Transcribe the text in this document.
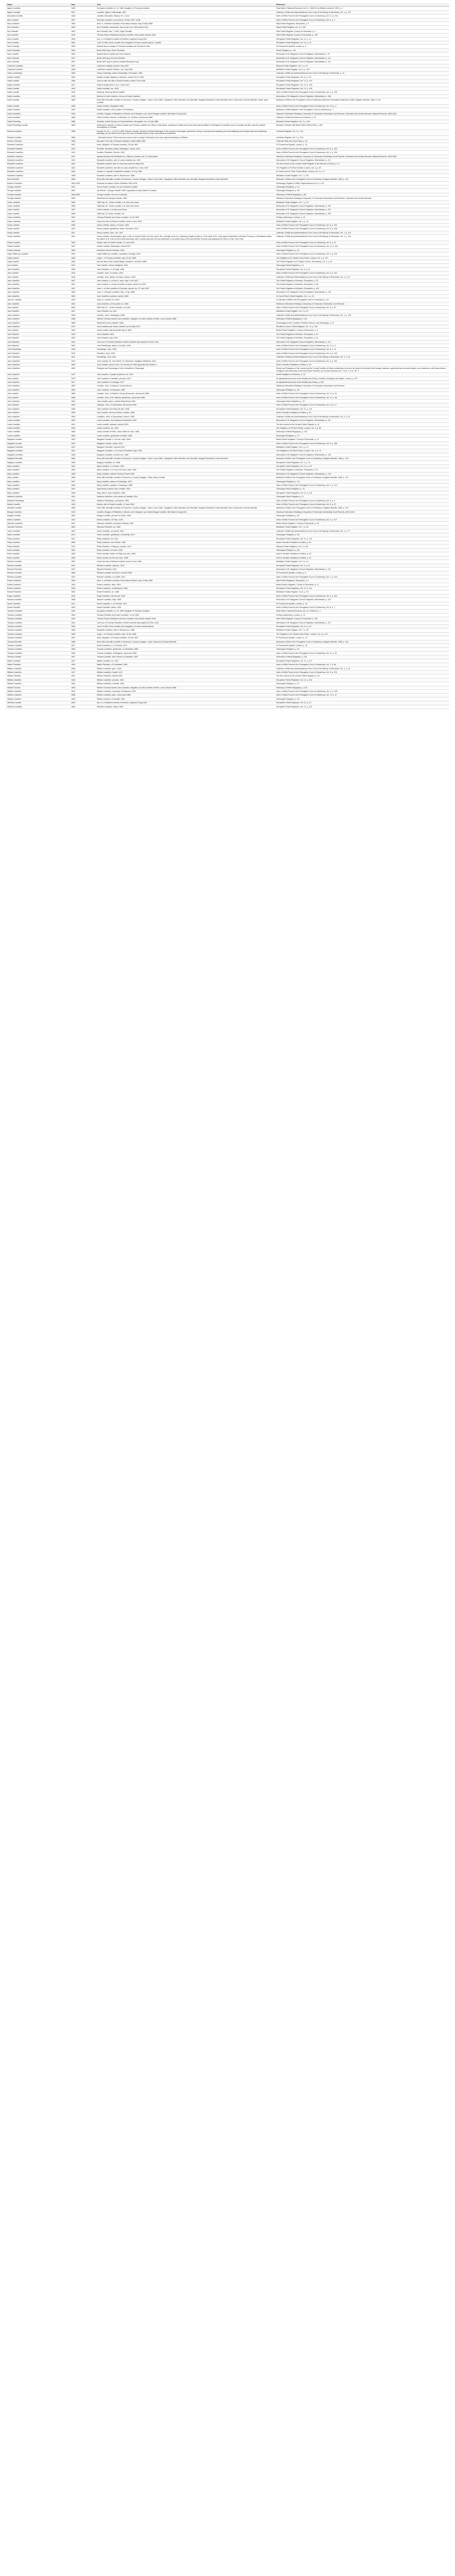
Name	Year	Text	Reference
Agnes Lewellinn	1469	Dy Agnes Lewellinn, st. 19, 1469, daughter of Thomas Lewellinn	Rose Marie, Historical Records, Vol. XL, 1936-39, by William Leweline, 1939, p. 1
Agnes Lewellyn	1537	Lewellen, Agnes, Harborough, 1537	Calendar of Wills and Administrations in the Court of the Bishop of Worcester, Vol. 1, p. 372
Alexander Lewellin	1648	Lewellin, Alexander, Marlow, 49, 1 June	Index of Wills Proved in the Prerogative Court of Canterbury, Vol. VI, p. 344
Alice Lewellin	1607	Mrs Alice Lewellen, in an church, 30 Mar 1607, burial	Index of Wills Proved in the Prerogative Court of Canterbury, Vol. II, p. 2
Alice Lewellinn	1565	Alice, d. of Robert Lewellinn of the Manor Woods, bap 24 Sept 1665	Ward Parish Registers, Shropshire, p. 5
Ann Flowellen	1602	Ann Fl'ewellen, servauntes, dau of Ivan, bur. 1604 (death 1ed)	Salop Parish Register, Vol. 3, p. 160
Ann Flewellin	1604	Ann Flewellin, Mar 7, 1604, Hugh Flewellin	Hele Parish Register, County of Gloucester, p. 4
Ann Lewellen	1618	Thomas Rowe of Bristowe and Ann Lewellen of the parish married 1618	Hele Parish Register, County of Gloucester, p. 108
Anne Lewellin	1643	Ann, d. of Winifred Lewellin of Worthen, baptized 5 Aug 1643	Shropshire Parish Registers, Vol. 12, p. 13
Anne Lewellin	1654	June 24 1654, Anne Lewellin (The daughter) Thomas Lewellin specia. Lewellin	Shropshire Parish Registers, Vol. 12, p. 15
Anne Lewellyn	1665	Married Anne Lewellyn of Thomas Lewellyn and Thomas for wife	St Thomas the Apostle, London, p. 4
Anne Flewellinn	1643	Burial 1643 bap 3 Anne Flewellinn	Parish Registers, p. 110
Anne Lewellin	1669	Married Anne Lewellin and John Harrison	Memorials of St. Margaret's Church Registers, Westminster, p. 57
Anne Flewellin	1672	Burial 1609 Aug 13 Anne Flewellin	Memorials of St. Margaret's Church Registers, Westminster, p. 411
Anne Llewellin	1697	Burial 1697 Aug 10 (Anne) Llewellin Brampton bury	Memorials of St. Margaret's Church Registers, Westminster, p. 411
Catherine Lewellyn	1637	Catherine Lewellyn, buried 3 July 1637	Stepney Parish Registers, Vol. 1, p. 91
Catherine Lewellin	1638	Catherine Lewellin, Westmr., bur. July 1638	Middlesex Parish Register, Vol. 4, p. 125
Cicely Llewellinge	1606	Cicely Lewellinge, widow, Woolwright, Gloucester, 1606	Calendar of Wills and Administrations in the Court of the Bishop of Worcester, p. 14
Daniell Lewellin	1654	Daniell Lewellin, Baptism in Worthen, buried Feb 11 1654	Shropshire Parish Registers, Vol. 12, p. 18
David Lewellin	1606	Joan ux wife, the wife of David Lewellin, buried 2 Feb 1606	Shropshire Parish Registers, Vol. 12, p. 103
David Lewellinn	1617	David Lewellin (Irat) 3, bur. 4 June 1617	Shropshire Parish Registers, Vol. 12, p. 105
David Lewellin	1618	David Lewellinn, bur. 1618	Shropshire Parish Registers, Vol. 12, p. 106
David Lewellin	1619	David ap Jevan ap David Lewellin	Index of Wills Proved in the Prerogative Court of Canterbury, Vol. V, p. 316
David Lewellinn	1639	Mention of Joan Lewellen, the son of David Lewellen	Memorials of St. Margaret's Church Registers, Westminster, p. 188
David Lewellin	1666	Entry 366, Meredith Lewellin of Horsemon, County Cardigan - Date 4 June 1666 - Daughters: Ellen Meredith, Ann Meredith, Margaret Meredith & Jane Meredith; Sons: David and Thomas Meredith; Sister: Mary Lewellin	Abstracts of Wills in the Prerogative Court of Canterbury (Berriew Transcripts) Abstracts of Wills, Register Meedith, 1666, p. 110
David Lewellin	1698	David Lewellin, Shropshire 1698	Index of Wills Proved in the Prerogative Court of Canterbury, Vol. XII, p. 4
David Lewellinn	1620	David Lewellinn, cleric, parish of St Andrews	Abstracts of Wills Register in the Prerogative Court of Canterbury, p. 7
David Llewellinn	1635	Lewellin, Morgan of Rhiwddlin, in Bonvin, all of Morgan's son, David Morgan Lewellin; Will dated 10 Aug 1634	Historical Collections Relating to Gwynedd, A Transcript of Admiralty Court Records, Calendars and Certain Records, National Records, 1603-1640
David Lewellinn	1668	David Lewellin, Esq'uire, of Weobley, Co. Hereford, will proved 1668	Calendar of Wills and Admons at Hereford, p. 33
David Flewelling	1688	Flewellin, David, Esq'uire of Gloucestershire, Wroughton. bur. 19 July 1688	Berkshire Parish Registers, Vol. 2, p. 116
David Flewelling Lewellin	1689	Mentioned a transfer of Vivian Lewellin and Thomas Lewellen on a Moor in this parish, speaking, in Wales and for his land and by William of Stonage the Lewellinn was is a boodlie and Bror, was the earliest thoroughfare in Duchlan	Berkshire Transfer with Remit 1906 (1906 t4799), p. 186
Edward Lewellinn	1668	Swanke 22, bu. 1, 1 Gt & In 1668. Edward Lewellin, formerly of Dearan Burlingen in the county of Glamorgan, gentlemen, being a merchant and seafaring man and delighting and industriously and ambitiously travelling, set out with his men upon the moor of Bedlan that is to say; mercurial and contribution	Cambrian Register, Vol. 2, p. 114
Edward Lewellinn	1668	...Borrowed eleven 'There was once such a man in a king in this land to live once sojourned between of Gilbear	Cambrian Register, Vol. 2, p. 115
Eleanor Flewellen	1565	Borrowed 'The wife of Edward Flewellen' (1664-1565) 1565	Calendar Rolls and Court Pleas, p. 18
Elizabeth Lewellinn	1667	Anne, daughter of Thomas Lewellinn, 16 Jan 1667	St Thomas the Apostle, London, p. 13
Elizabeth Flewellin	1615	Flewellin, Elizabeth, widow, Newington, Surrey, 1615	Index of Wills Proved in the Prerogative Court of Canterbury, Vol. 5, p. 183
Elizabeth Lewellinn	1619	Lewellin, Elizabeth, Glos'ter, 1619	Index of Wills Proved in the Prerogative Court of Canterbury, Vol. V, p. 316
Elizabeth Lewellinn	1670	Iaptised (burial) 1620 Elizabeth Inc. Wilson's Lewellin, the 13 of December	Historical Collections Relating to Gwynedd, A Transcript of Admiralty Court Records, Calendars and Certain Records, National Records, 1603-1640
Elizabeth Lewellinn	1621	Elizabeth Lewellinn, wife of Lewis Lewellinn bur. 1621	Memorials of St. Margaret's Church Registers, Westminster, p. 417
Elizabeth Lewellinn	1631	Elizabeth Lewellin, wife of Lewis was buried 16 May 1631	The first volume of the Lirnava Parish Register in the Diocese of Oxford, p. 27
Elizabeth Lewellinn	1632	Elizabeth Lewellinn, the wife of Lewis Lewellin bur. 6 Nov 1632	The Registers of St Paul's Wharf, London, Vol. 4, p. 83
Elizabeth Lewellinn	1650	Jeames s. Hopwell & Elizabeth Lewellinn, 29 July 1650	St. Bene't and St. Peter, Paul's Wharf, London, Vol. 4, p. 17
Elizabeth Lewellinn	1658	Elizabeth Lewellinn, wife of Thomas bur. 1658	Middlesex Parish Register, Vol. 7, p. 96
Ellen Meredith	1666	Entry 366, Meredith Lewellin of Horsemon, County Cardigan - Date 4 June 1666 - Daughters: Ellen Meredith, Ann Meredith, Margaret Meredith & Jane Meredith	Abstracts of Wills in the Prerogative Court of Canterbury, Register Meedith, 1666, p. 110
Eleanor Flewellen	1604-1676	Dentures for widow of Ellen Flewellen 1604-1676	Genealogy: Register of Wills, Regimental and Vol. 4, p. 93
George Llewellin	1676	Ivan of Gwen Lewellyn, the son of David Lewellen	Glamorgan Pedigrees, p. 44
George Llewellin	1687	'ap Shenfil' - George Lewellin; 1687, appointed a King Charles II Lewellin	Glamorgan Pedigrees, p. 45
George Llewellin	1689-1692	George Lewellin, the son of Llewellin	Dictionary of Welsh Biography, p. 88
George Llewellin	1690	Mentioned as George Lewellin, 1690	Historical Collections Relating to Gwynedd, A Transcript of Admiralty Court Records, Calendars and Certain Records
Grace Llewellin	1660	1660 Sep 15 - Grace Lewellin, d of John and Grace	Middlesex Parish Register, Vol. 7, p. 29
Grace Llewellin	1666	1666 Sep 15 - Grace Lewellin, d of John and Grace	Memorials of St. Margaret's Church Registers, Westminster, p. 290
Grace Lewellin	1667	Grace Lewellin, d of John and Grace	Memorials of St. Margaret's Church Registers, Westminster, p. 297
Grace Lewellin	1668	1668 Sep 15, Grace Lewellin, bur.	Memorials of St. Margaret's Church Registers, Westminster, p. 299
Grace Lewellinn	1602	Thomas Flewelen and Grace Lewellen, 10 Jul 1602	St Mary, Aldermanry, London, p. 10
Grace Lewellinn	1602	Grace the wife of Richard Lewellin, buried 4 June 1602	Middlesex Parish Register, Vol. 2, p. 14
Grace Lewellin	1605	Grace Lewellin, widow, of Cooke, 1605	Index of Wills Proved in the Prerogative Court of Canterbury, Vol. 5, p. 322
Henry Lewellin	1619	Henry Lewellin, gentleman, Wells, Somerset, 1619	Index of Wills Proved in the Prerogative Court of Canterbury, Vol. 5, p. 298
Henry Lewellin	1627	Henry Lewellin, Glos., bur. 1627	Calendar of Wills and Administrations in the Court of the Bishop of Worcester, Vol. 1, p. 113
Henry Lewellinn	1641	Henry Lewellin, of parchestlyn, gent. in the 13 of April (1641), be force upon, Ba. a dredger at an Inn, claiming a length of right of, 'a the value of Es. of the great reclamation of Richard Thomas, a Gwenllianne within the parish of St. Lenis in the county aforesaid, with a certain saw ade one and sideboard, to the great injury of the said Richard Thomas and Angharad the wife to of him 'Gaol Files'	Calendar of Wills and Administrations in the Court of the Bishop of Worcester, Vol. 1, p. 116
Howell Lewellin	1604	Maude, wife of Howell Lewellin, 11 June 1604	Index of Wills Proved in the Prerogative Court of Canterbury, Vol. 5, p. 87
Howell Lewellin	1647	Howell Lewellin, Glamorgan, buried 1647	Index of Wills Proved in the Prerogative Court of Canterbury, Vol. VI, p. 344
Howell Llewellin	1652	Mentioned Howell Llewellin, 1652	Glamorgan Pedigrees, p. 51
Hugh Griffith ap Lewellinn	1619	Hugh Griffith ap Lewellinn, Llanidloes, Denbigh, 1619	Index of Wills Proved in the Prerogative Court of Canterbury, Vol. V, p. 316
Hugh Lewellin	1665	Hugh L. of Thomas Lewellinn, bap. 20 Jan 1665	The Registers of St. Martin-in-the-Fields, London, Vol. 4, p. 127
Hugh Lewellin	1665	Mrs the wife of Rev. Daniel Burgh Llewellin (7 of) Mesh 1665	The Parish Registers of St. Mary's Church, Shrewsbury, Vol. 1, p. 41
Ivan Lewellin	1614	Ivan Lewellin, mercer, Bridgend, 1614	Glamorgan Parish Registers, p. 8
Jane Flewellen	1608	Jane Flewellen, w. of Hugh, 1608	Shropshire Parish Registers, Vol. 3, p. 12
Jane Lewellin	1616	Lewellin, Jane, of London, 1616	Index of Wills Proved in the Prerogative Court of Canterbury, Vol. 5, p. 322
Jane Lewellin	1625	Lewellin, Jane, widow, of Lewes, Sussex, 1625	Calendar of Wills and Administrations in the Court of the Bishop of Worcester, Vol. 1, p. 92
Jane Lewellinn	1627	Jane Lewellin, d. of John & Jane, bapt. 6 Oct 1627	The Parish Registers of Worthen, Shropshire, p. 70
Jane Lewellinn	1637	Jane Lewellin, d. of John Lewellin of Upton, buried Oct 1637	The Parish Registers of Worthen, Shropshire, p. 88
Jane Lewellinn	1647	Jane L. of John Lewellen of Clynrode, parvus, bu. 21 June 1647	The Parish Registers of Worthen, Shropshire, p. 103
Jane Lewellinn	1665	June, d. of Daniel Lewellinn, bap. 17 Apr 1665	Memorials of St. Margaret's Church Registers, Westminster, p. 215
Jane Lewellinn	1665	Jane Lewellinn, spinster, married 1665	St. Benet Paul's Wharf Registers, Vol. 1, p. 24
Jane ux. Lewellin	1643	Jane ux. Lewellin, bu. 1643	A Calendar of Wills in the Prerogative Court of Canterbury, p. 42
Jane Lewellinn	1681	Jane Lewellinn, of the parish, bu. 1681	Historical Collections Relating to Gwynedd, A Transcript of Admiralty Court Records
Joan Lewellin	1604	1604 Sep 22 -- Grace Lewellin, d of John	Index of Wills Proved in the Prerogative Court of Canterbury, Vol. 5, p. 87
Joan Flewellin	1611	Joan Flewellin, bu. 1611	Middlesex Parish Register, Vol. 3, p. 67
Joan Lewellinn	1638	Lewellin, Joan, Treddington, 1638	Calendar of Wills and Administrations in the Court of the Bishop of Worcester, Vol. 1, p. 128
Joan Lewellinn	1666	William Thomas married Joan Lewellinn, daughter of Lewis Lewellin of Peter, Lower around 1666	Dictionary of Welsh Biography, p. 143
Joan Lewellinn	1666	Mentioned Joan Lewellinn, 1666	Genealogies of the Counties of Radnor, Brecon, and Glamorgan, p. 22
John Lewellinn	1579	John Lewellen and Jeane Lewellin, bur 18 May 1579	Shrofford on Avon, Parish Register, Vol. 12, p. 109
John Lewellin	1609	Jeane Lewllen was buried 8th day of 1609	Bristol Parish Registers, County of Gloucester, p. 4
John Flewellin	1618	John Flewellin, 1618	The Parish Registers of Worthen, Shropshire, p. 44
John Flewellin	1623	John Flewellin, bap. 1623	The Parish Registers of Worthen, Shropshire, p. 52
John Flewellen	1641	John son of Thomas Flewellen of North Hamleth was baptized 24 Dec 1641	Memorials of St. Margaret's Church Registers, Westminster, p. 127
John Flewellin	1644	John Flewellinge, widow, of Carvile, 1644	Index of Wills Proved in the Prerogative Court of Canterbury, Vol. VI, p. 3
John Flewellinge	1646	Flewellinge, John, 1646	Index of Wills Proved in the Prerogative Court of Canterbury, Vol. 6, p. 14
John Flewellen	1675	Flewellen, John, 1675	Index of Wills Proved in the Prerogative Court of Canterbury, Vol. 6, p. 103
John Llewellinn	1612	Flewellings, John, 1612	Calendar of Wills and Administrations in the Court of the Bishop of Worcester, Vol. 1, p. 18
John Llewellinn	1613	John Lewellin, St. John Street, St. Sepulchre, Newgate, Middlesex 1613	Index of Wills Proved in the Prerogative Court of Canterbury, Vol. 5, p. 322
John Llewellinn	1660	John Lewellin, (son) of Hon, of a Survey for 1660 appointed by Charles II	Dwnn's Heraldic Visitations of Wales, p. 60
John Llewellinn	1660	Pedigree and Genealogy of John Llewellinn of Glamorgan	Family and Pedigrees of the County and the County Families of Wales containing a record of all ranks of the gentry, their lineage, alliances, appointments, armorial ensigns, and residences, with many Ancient Pedigrees and Memorials of Old and Extinct Families, by Thomas Nicholas M.A., Ph.D., F.G.S, Vol. 2
John Lewellinn	1670	John Lewellin, of parish Llanferres, bu. 1670	Parish Registers of Flintshire, p. 18
John Lewellin	1675	John Lewellin of Llandeilo, yeoman, 1675	An Alphabetical Account of the Nobility and Gentry, Counties of England and Wales, London, p. 227
John Lewellinn	1677	John Lewellinn of Tredegar, 1677	An Alphabetical Account of the Nobility and Gentry, p. 228
John Lewellinn	1680	Lewellin, John, of Gwynne, County Brecon	Historical Collections Relating to Gwynedd, A Transcript of Admiralty Court Records
John Lewellinn	1684	John Lewellinn, of Swansea, 1684	Glamorgan Pedigrees, p. 66
John Lewellin	1685	Lewellin, John, of Caldicot, County Monmouth, will proved 1685	Index of Wills Proved in the Prerogative Court of Canterbury, Vol. XI, p. 44
John Lewellin	1688	Lewellin, John, of St. Mellons, gentleman, will proved 1688	Index of Wills Proved in the Prerogative Court of Canterbury, Vol. XI, p. 46
John Lewellinn	1691	John Lewellin, gent., married Mary Bevan 1691	Glamorgan Parish Registers, p. 19
John Llewelyn	1694	Llewelyn, John, of Carmarthen, will proved 1694	Index of Wills Proved in the Prerogative Court of Canterbury, Vol. XII, p. 3
John Lewellinn	1696	John Lewellinn and Mary his wife, 1696	Shropshire Parish Registers, Vol. 12, p. 141
John Lewellinn	1698	John Lewellin, 5th son of Rees Lewellin, 1698	Dwnn's Heraldic Visitations of Wales, p. 61
John Lewellinn	1699	Lewellinn, John, of Carmarthen, mercer, 1699	Calendar of Wills and Administrations in the Court of the Bishop of Worcester, Vol. 2, p. 44
Lewis Lewellinn	1620	Lewis Lewellinn, the husband of Elizabeth, 1620	Memorials of St. Margaret's Church Registers, Westminster, p. 117
Lewis Lewellinn	1631	Lewis Lewellin, widower, married 1631	The first volume of the Lirnava Parish Register, p. 31
Lewis Lewellinn	1632	Lewis Lewellinn, bur. 1632	The Registers of St Paul's Wharf, London, Vol. 4, p. 85
Lewis Lewellinn	1666	Lewis Lewellin of Peter, Lower, father of Joan, 1666	Dictionary of Welsh Biography, p. 143
Lewis Lewellinn	1680	Lewis Lewellinn, gentleman of Neath, 1680	Glamorgan Pedigrees, p. 71
Margaret Lewellin	1604	Margaret Lewellin, d. of Evan, bapt. 1604	Bristol Parish Registers, County of Gloucester, p. 12
Margaret Lewellin	1612	Margaret Lewellin, widow, 1612	Index of Wills Proved in the Prerogative Court of Canterbury, Vol. 5, p. 188
Margaret Flewellen	1619	Margaret Flewellen, married 1619	Middlesex Parish Register, Vol. 4, p. 12
Margaret Lewellinn	1631	Margaret Lewellinn, d. of Lewis & Elizabeth, bapt. 1631	The Registers of St Paul's Wharf, London, Vol. 4, p. 79
Margaret Lewellinn	1648	Margaret Lewellinn, servant, bur. 1648	Memorials of St. Margaret's Church Registers, Westminster, p. 143
Margaret Meredith	1666	Entry 366, Meredith Lewellin of Horsemon, County Cardigan - Date 4 June 1666 - Daughters: Ellen Meredith, Ann Meredith, Margaret Meredith & Jane Meredith	Abstracts of Wills in the Prerogative Court of Canterbury, Register Meedith, 1666, p. 110
Margery Lewellinn	1608	Margery Lewellinn, bu. 1608	Shropshire Parish Registers, Vol. 3, p. 14
Mary Lewellinn	1620	Mary Lewellinn, d. of David, 1620	Shropshire Parish Registers, Vol. 12, p. 107
Mary Lewellinn	1639	Mary Lewellinn, d. of John and Jane, bapt. 1639	The Parish Registers of Worthen, Shropshire, p. 91
Mary Lewellinn	1655	Mary Lewellinn, married Thomas Powell 1655	Memorials of St. Margaret's Church Registers, Westminster, p. 178
Mary Lewellin	1666	Entry 366, Meredith Lewellin of Horsemon, County Cardigan - Sister: Mary Lewellin	Abstracts of Wills in the Prerogative Court of Canterbury, Register Meedith, 1666, p. 110
Mary Lewellinn	1672	Mary Lewellinn, widow of Cowbridge, 1672	Glamorgan Pedigrees, p. 78
Mary Lewellinn	1680	Mary Lewellinn, spinster, of Swansea, 1680	Index of Wills Proved in the Prerogative Court of Canterbury, Vol. X, p. 212
Mary Lewellinn	1691	Mary Bevan married John Lewellin, 1691	Glamorgan Parish Registers, p. 19
Mary Lewellinn	1696	Mary, wife of John Lewellinn, 1696	Shropshire Parish Registers, Vol. 12, p. 141
Matthew Lewellinn	1614	Matthew Lewellinn, of the parish of Llandaff, 1614	Glamorgan Parish Registers, p. 9
Matthew Flewellinge	1636	Matthew Flewellinge, cordwainer, 1636	Index of Wills Proved in the Prerogative Court of Canterbury, Vol. 6, p. 9
Maude Lewellin	1604	Maude, wife of Howell Lewellin, 11 June 1604	Index of Wills Proved in the Prerogative Court of Canterbury, Vol. 5, p. 87
Meredith Lewellin	1666	Entry 366, Meredith Lewellin of Horsemon, County Cardigan - Date 4 June 1666 - Daughters: Ellen Meredith, Ann Meredith, Margaret Meredith & Jane Meredith; Sons: David and Thomas Meredith	Abstracts of Wills in the Prerogative Court of Canterbury, Register Meedith, 1666, p. 110
Morgan Lewellinn	1634	Lewellin, Morgan of Rhiwddlin, in Bonvin, all of Morgan's son, David Morgan Lewellin; Will dated 10 Aug 1634	Historical Collections Relating to Gwynedd, A Transcript of Admiralty Court Records, 1603-1640
Morgan Lewellin	1660	Morgan Lewellin, yeoman of Gower, 1660	Glamorgan Pedigrees, p. 80
Morris Lewellinn	1619	Morris Lewellinn, St Giles, 1619	Index of Wills Proved in the Prerogative Court of Canterbury, Vol. V, p. 317
Nicholas Lewellinn	1647	Nicholas Lewellinn, merchant of Bristol, 1647	Bristol Parish Registers, County of Gloucester, p. 44
Nicholas Flewellen	1662	Nicholas Flewellen, bu. 1662	Middlesex Parish Register, Vol. 7, p. 51
Owen Lewellinn	1622	Owen Lewellinn, of Llanelli, 1622	Calendar of Wills and Administrations in the Court of the Bishop of Worcester, Vol. 1, p. 77
Owen Lewellinn	1674	Owen Lewellinn, gentleman, of Kidwelly, 1674	Glamorgan Pedigrees, p. 84
Philip Lewellinn	1611	Philip Lewellinn, bur. 1611	Shropshire Parish Registers, Vol. 12, p. 102
Philip Lewellinn	1650	Philip Lewellinn, son of Rees, 1650	Dwnn's Heraldic Visitations of Wales, p. 62
Philip Flewellin	1670	Philip Flewellin, of Stepney, mariner, 1670	Stepney Parish Registers, Vol. 2, p. 88
Rees Lewellinn	1620	Rees Lewellinn of Gwent, 1620	Glamorgan Pedigrees, p. 88
Rees Lewellinn	1650	Rees Lewellinn, father of Philip and John, 1650	Dwnn's Heraldic Visitations of Wales, p. 62
Rees Lewellinn	1698	Rees Lewellin, his 5th son John, 1698	Dwnn's Heraldic Visitations of Wales, p. 61
Richard Lewellinn	1602	Grace the wife of Richard Lewellin, buried 4 June 1602	Middlesex Parish Register, Vol. 2, p. 14
Richard Lewellinn	1613	Richard Lewellinn, labourer, 1613	Shropshire Parish Registers, Vol. 3, p. 21
Richard Flewellen	1637	Richard Flewellen, 1637	Memorials of St. Margaret's Church Registers, Westminster, p. 131
Richard Lewellinn	1665	Richard Lewellinn and Anne, married 1665	St Thomas the Apostle, London, p. 6
Richard Lewellinn	1679	Richard Lewellinn, of Cardiff, 1679	Index of Wills Proved in the Prerogative Court of Canterbury, Vol. X, p. 215
Robert Lewellinn	1565	Alice, d. of Robert Lewellinn of the Manor Woods, bap 24 Sept 1665	Ward Parish Registers, Shropshire, p. 5
Robert Lewellinn	1604	Robert Lewellinn, tailor, 1604	Bristol Parish Registers, County of Gloucester, p. 11
Robert Lewellinn	1628	Robert Lewellinn, of Welshpool, 1628	Shropshire Parish Registers, Vol. 12, p. 111
Robert Flewellen	1650	Robert Flewellen, bu. 1650	Middlesex Parish Register, Vol. 6, p. 99
Roger Lewellinn	1616	Roger Lewellinn, Monmouth, 1616	Index of Wills Proved in the Prerogative Court of Canterbury, Vol. 5, p. 323
Samuel Lewellinn	1668	Samuel Lewellinn, bapt. 1668	Memorials of St. Margaret's Church Registers, Westminster, p. 222
Sarah Lewellinn	1671	Sarah Lewellinn, d. of Thomas, 1671	St Thomas the Apostle, London, p. 16
Susan Flewellin	1634	Susan Flewellin, widow, 1634	Index of Wills Proved in the Prerogative Court of Canterbury, Vol. 6, p. 7
Thomas Lewellinn	1469	Dy Agnes Lewellinn, st. 19, 1469, daughter of Thomas Lewellinn	Rose Marie, Historical Records, Vol. XL, 1936-39, p. 1
Thomas Lewellinn	1602	Thomas Flewelen and Grace Lewellen, 10 Jul 1602	St Mary, Aldermanry, London, p. 10
Thomas Lewellinn	1618	Thomas Rowe of Bristowe and Ann Lewellen of the parish married 1618	Hele Parish Register, County of Gloucester, p. 108
Thomas Lewellinn	1641	John son of Thomas Flewellen of North Hamleth was baptized 24 Dec 1641	Memorials of St. Margaret's Church Registers, Westminster, p. 127
Thomas Lewellinn	1654	June 24 1654, Anne Lewellin (The daughter) Thomas Lewellin specia.	Shropshire Parish Registers, Vol. 12, p. 15
Thomas Lewellinn	1658	Elizabeth Lewellinn, wife of Thomas bur. 1658	Middlesex Parish Register, Vol. 7, p. 96
Thomas Lewellinn	1665	Hugh L. of Thomas Lewellinn, bap. 20 Jan 1665	The Registers of St. Martin-in-the-Fields, London, Vol. 4, p. 127
Thomas Lewellinn	1667	Anne, daughter of Thomas Lewellinn, 16 Jan 1667	St Thomas the Apostle, London, p. 13
Thomas Meredith	1666	Entry 366, Meredith Lewellin of Horsemon, County Cardigan - Sons: David and Thomas Meredith	Abstracts of Wills in the Prerogative Court of Canterbury, Register Meedith, 1666, p. 110
Thomas Lewellinn	1671	Sarah Lewellinn, d. of Thomas, 1671	St Thomas the Apostle, London, p. 16
Thomas Lewellinn	1683	Thomas Lewellinn, gentleman, of Llantrisant, 1683	Glamorgan Pedigrees, p. 94
Thomas Lewellinn	1690	Thomas Lewellinn, of Bridgend, will proved 1690	Index of Wills Proved in the Prerogative Court of Canterbury, Vol. XI, p. 52
Thomas Lewellin	1697	Thomas Lewellin, clerk, Rector of Llanmaes, 1697	Dictionary of Welsh Biography, p. 151
Walter Lewellinn	1627	Walter Lewellinn, bu. 1627	Shropshire Parish Registers, Vol. 12, p. 110
Walter Flewellen	1659	Walter Flewellen, of Southwark, 1659	Index of Wills Proved in the Prerogative Court of Canterbury, Vol. 7, p. 66
William Lewellinn	1606	William Lewellinn, gent., 1606	Calendar of Wills and Administrations in the Court of the Bishop of Worcester, Vol. 1, p. 15
William Lewellinn	1617	William Lewellinn, Cardiff, 1617	Index of Wills Proved in the Prerogative Court of Canterbury, Vol. 5, p. 324
William Flewellin	1631	William Flewellin, married 1631	The first volume of the Lirnava Parish Register, p. 30
William Lewellinn	1640	William Lewellinn, yeoman, 1640	Shropshire Parish Registers, Vol. 12, p. 118
William Lewellinn	1652	William Lewellinn, of Neath, 1652	Glamorgan Pedigrees, p. 97
William Thomas	1666	William Thomas married Joan Lewellinn, daughter of Lewis Lewellin of Peter, Lower around 1666	Dictionary of Welsh Biography, p. 143
William Lewellinn	1678	William Lewellinn, merchant, of Swansea, 1678	Index of Wills Proved in the Prerogative Court of Canterbury, Vol. X, p. 218
William Lewellinn	1686	William Lewellinn, gent., will proved 1686	Index of Wills Proved in the Prerogative Court of Canterbury, Vol. XI, p. 47
William Lewellinn	1695	William Lewellin, of Llandaff, 1695	Glamorgan Pedigrees, p. 99
Winifred Lewellin	1643	Ann, d. of Winifred Lewellin of Worthen, baptized 5 Aug 1643	Shropshire Parish Registers, Vol. 12, p. 13
Winifred Lewellinn	1660	Winifred Lewellinn, widow, 1660	Shropshire Parish Registers, Vol. 12, p. 122
